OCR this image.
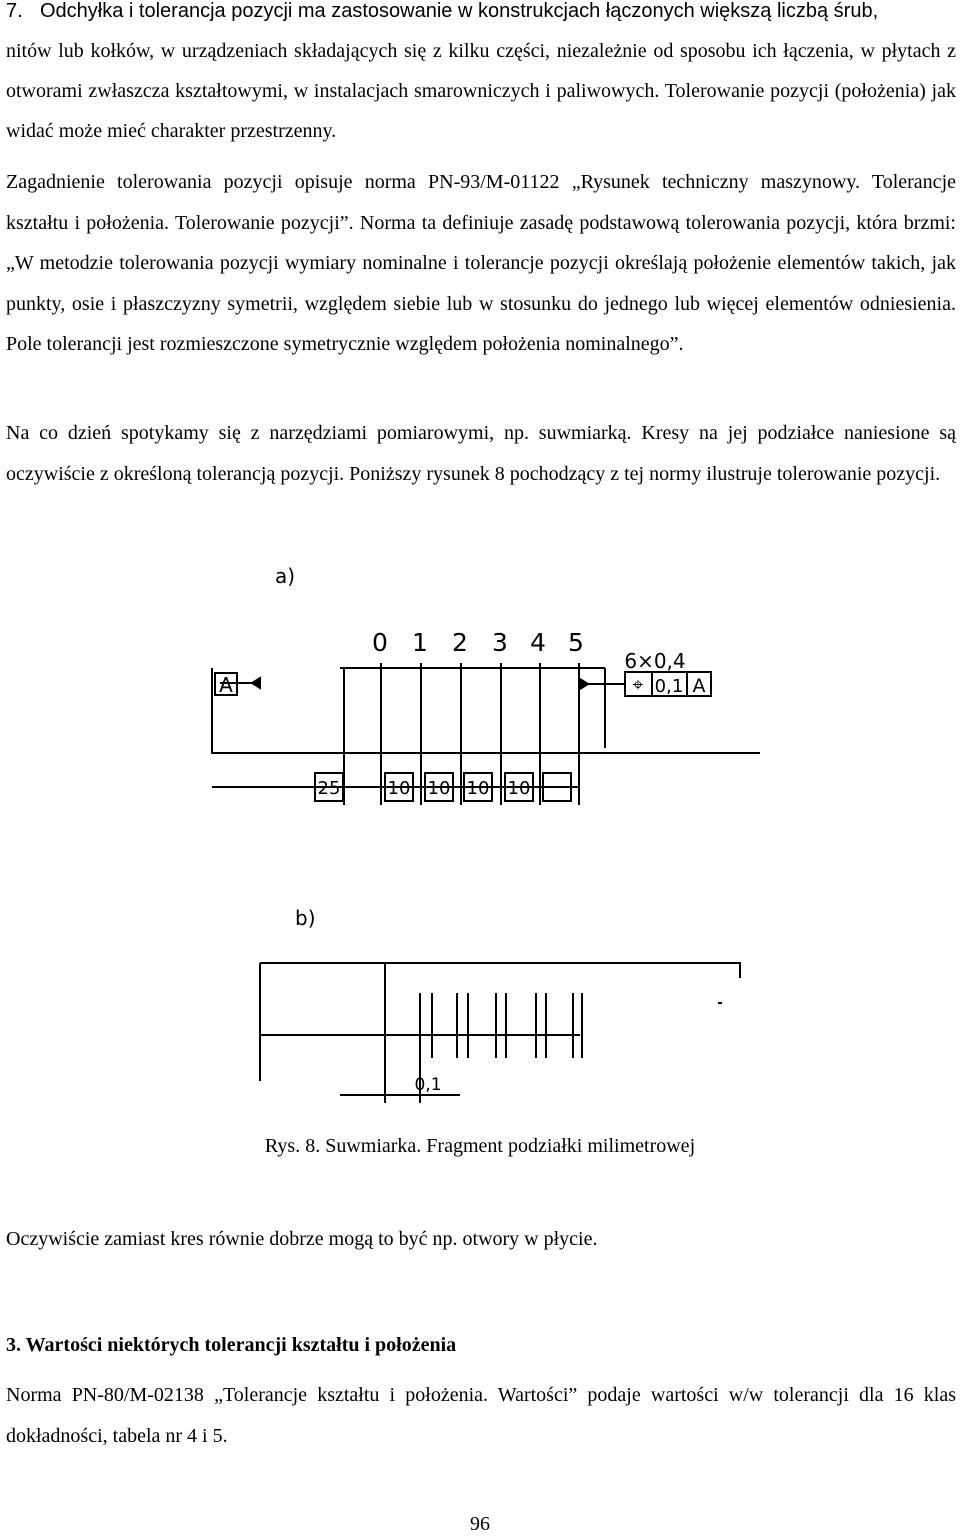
7. Odchyłka i tolerancja pozycji ma zastosowanie w konstrukcjach łączonych większą liczbą śrub,
nitów lub kołków, w urządzeniach składających się z kilku części, niezależnie od sposobu ich łączenia, w płytach z otworami zwłaszcza kształtowymi, w instalacjach smarowniczych i paliwowych. Tolerowanie pozycji (położenia) jak widać może mieć charakter przestrzenny.
Zagadnienie tolerowania pozycji opisuje norma PN-93/M-01122 „Rysunek techniczny maszynowy. Tolerancje kształtu i położenia. Tolerowanie pozycji”. Norma ta definiuje zasadę podstawową tolerowania pozycji, która brzmi: „W metodzie tolerowania pozycji wymiary nominalne i tolerancje pozycji określają położenie elementów takich, jak punkty, osie i płaszczyzny symetrii, względem siebie lub w stosunku do jednego lub więcej elementów odniesienia. Pole tolerancji jest rozmieszczone symetrycznie względem położenia nominalnego”.
Na co dzień spotykamy się z narzędziami pomiarowymi, np. suwmiarką. Kresy na jej podziałce naniesione są oczywiście z określoną tolerancją pozycji. Poniższy rysunek 8 pochodzący z tej normy ilustruje tolerowanie pozycji.
a)
b)
0 1 2 3 4 5
A
6×0,4
⌖ 0,1 A
25	10 10 10 10
0,1
Rys. 8. Suwmiarka. Fragment podziałki milimetrowej
Oczywiście zamiast kres równie dobrze mogą to być np. otwory w płycie.
3. Wartości niektórych tolerancji kształtu i położenia
Norma PN-80/M-02138 „Tolerancje kształtu i położenia. Wartości” podaje wartości w/w tolerancji dla 16 klas dokładności, tabela nr 4 i 5.
96
